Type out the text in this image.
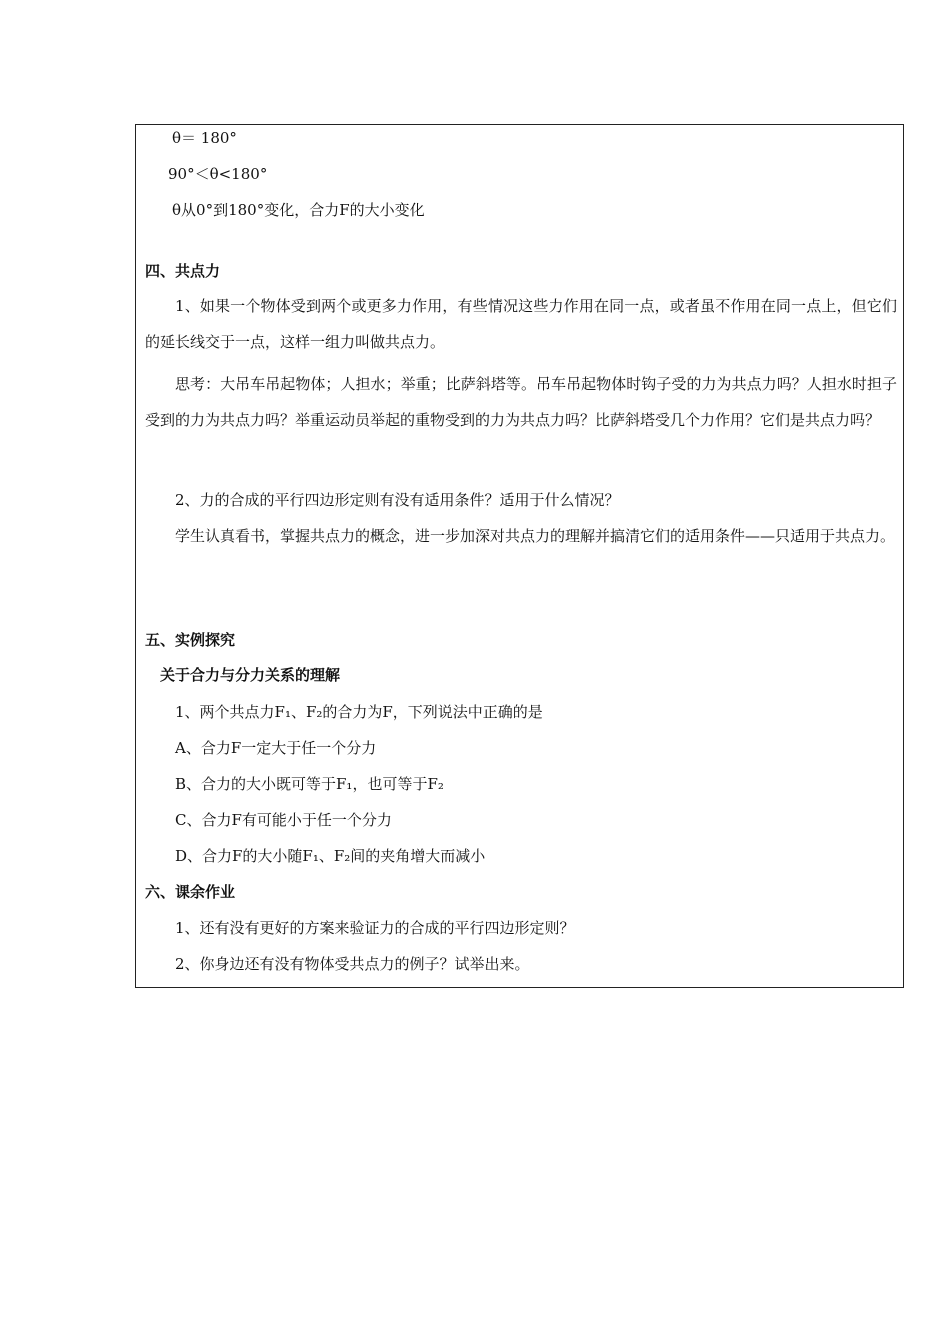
θ＝ 180°
90°＜θ<180°
θ从0°到180°变化，合力F的大小变化
四、共点力
1、如果一个物体受到两个或更多力作用，有些情况这些力作用在同一点，或者虽不作用在同一点上，但它们的延长线交于一点，这样一组力叫做共点力。
思考：大吊车吊起物体；人担水；举重；比萨斜塔等。吊车吊起物体时钩子受的力为共点力吗？人担水时担子受到的力为共点力吗？举重运动员举起的重物受到的力为共点力吗？比萨斜塔受几个力作用？它们是共点力吗？
2、力的合成的平行四边形定则有没有适用条件？适用于什么情况？
学生认真看书，掌握共点力的概念，进一步加深对共点力的理解并搞清它们的适用条件——只适用于共点力。
五、实例探究
关于合力与分力关系的理解
1、两个共点力F₁、F₂的合力为F，下列说法中正确的是
A、合力F一定大于任一个分力
B、合力的大小既可等于F₁，也可等于F₂
C、合力F有可能小于任一个分力
D、合力F的大小随F₁、F₂间的夹角增大而减小
六、课余作业
1、还有没有更好的方案来验证力的合成的平行四边形定则？
2、你身边还有没有物体受共点力的例子？试举出来。
